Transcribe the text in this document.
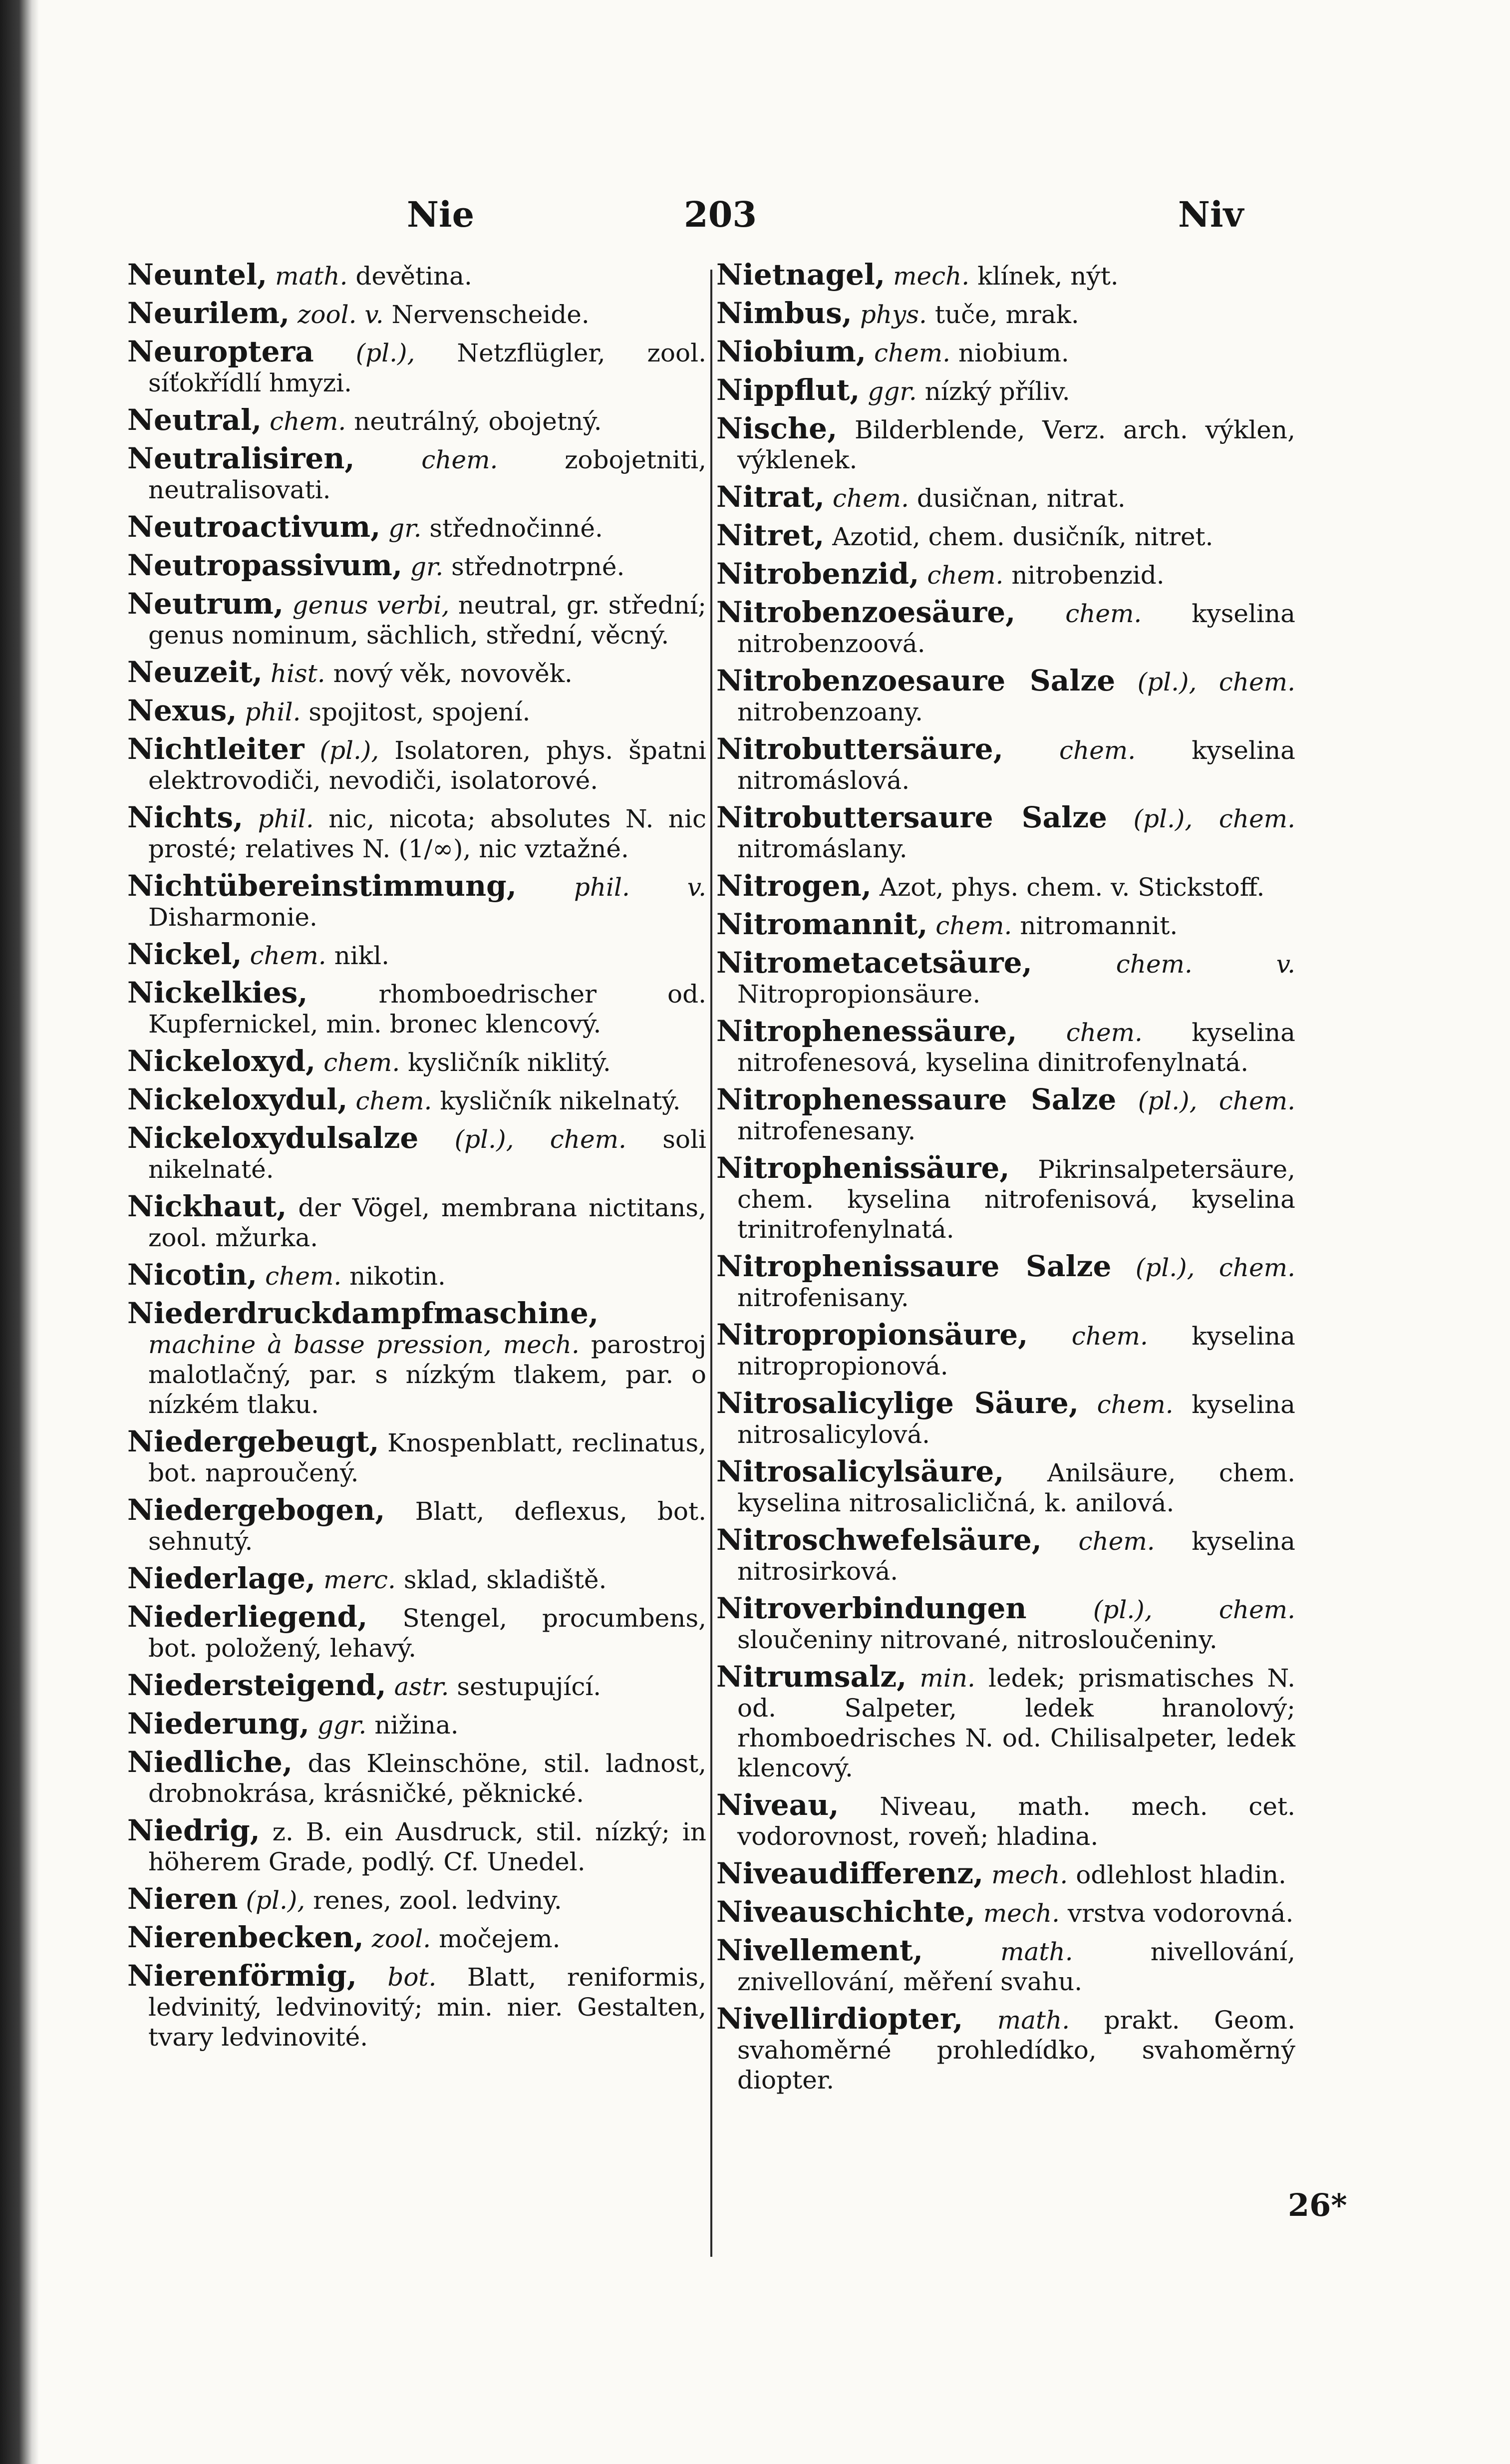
Nie	203	Niv

Neuntel, math. devětina.

Neurilem, zool. v. Nervenscheide.

Neuroptera (pl.), Netzflügler, zool. síťokřídlí hmyzi.

Neutral, chem. neutrálný, obojetný.

Neutralisiren,	chem.	zobojetniti, neutralisovati.

Neutroactivum, gr. střednočinné.

Neutropassivum, gr. střednotrpné.

Neutrum, genus verbi, neutral, gr. střední; genus nominum, sächlich, střední, věcný.

Neuzeit, hist. nový věk, novověk.

Nexus, phil. spojitost, spojení.

Nichtleiter (pl.), Isolatoren, phys. špatni elektrovodiči, nevodiči, isolatorové.

Nichts, phil. nic, nicota; absolutes N. nic prosté; relatives N. (1/∞), nic vztažné.

Nichtübereinstimmung, phil. v. Disharmonie.

Nickel, chem. nikl.

Nickelkies,	rhomboedrischer od. Kupfernickel, min. bronec klencový.

Nickeloxyd, chem. kysličník niklitý.

Nickeloxydul, chem. kysličník nikelnatý.

Nickeloxydulsalze (pl.), chem. soli nikelnaté.

Nickhaut, der Vögel, membrana nictitans, zool. mžurka.

Nicotin, chem. nikotin.

Niederdruckdampfmaschine, machine à basse pression, mech. parostroj malotlačný, par. s nízkým tlakem, par. o nízkém tlaku.

Niedergebeugt, Knospenblatt, reclinatus, bot. naproučený.

Niedergebogen, Blatt, deflexus, bot. sehnutý.

Niederlage, merc. sklad, skladiště.

Niederliegend, Stengel, procumbens, bot. položený, lehavý.

Niedersteigend, astr. sestupující.

Niederung, ggr. nižina.

Niedliche, das Kleinschöne, stil. ladnost, drobnokrása, krásničké, pěknické.

Niedrig, z. B. ein Ausdruck, stil. nízký; in höherem Grade, podlý. Cf. Unedel.

Nieren (pl.), renes, zool. ledviny.

Nierenbecken, zool. močejem.

Nierenförmig, bot. Blatt, reniformis, ledvinitý, ledvinovitý; min. nier. Gestalten, tvary ledvinovité.

Nietnagel, mech. klínek, nýt.

Nimbus, phys. tuče, mrak.

Niobium, chem. niobium.

Nippflut, ggr. nízký příliv.

Nische, Bilderblende, Verz. arch. výklen, výklenek.

Nitrat, chem. dusičnan, nitrat.

Nitret, Azotid, chem. dusičník, nitret.

Nitrobenzid, chem. nitrobenzid.

Nitrobenzoesäure, chem. kyselina nitrobenzoová.

Nitrobenzoesaure Salze (pl.), chem. nitrobenzoany.

Nitrobuttersäure, chem. kyselina nitromáslová.

Nitrobuttersaure Salze (pl.), chem. nitromáslany.

Nitrogen, Azot, phys. chem. v. Stickstoff.

Nitromannit, chem. nitromannit.

Nitrometacetsäure,	chem. v. Nitropropionsäure.

Nitrophenessäure, chem. kyselina nitrofenesová, kyselina dinitrofenylnatá.

Nitrophenessaure Salze (pl.), chem. nitrofenesany.

Nitrophenissäure, Pikrinsalpetersäure, chem. kyselina nitrofenisová, kyselina trinitrofenylnatá.

Nitrophenissaure Salze (pl.), chem. nitrofenisany.

Nitropropionsäure, chem. kyselina nitropropionová.

Nitrosalicylige Säure, chem. kyselina nitrosalicylová.

Nitrosalicylsäure, Anilsäure, chem. kyselina nitrosalicličná, k. anilová.

Nitroschwefelsäure, chem. kyselina nitrosirková.

Nitroverbindungen	(pl.), chem. sloučeniny nitrované, nitrosloučeniny.

Nitrumsalz, min. ledek; prismatisches N. od. Salpeter, ledek hranolový; rhomboedrisches N. od. Chilisalpeter, ledek klencový.

Niveau, Niveau, math. mech. cet. vodorovnost, roveň; hladina.

Niveaudifferenz, mech. odlehlost hladin.

Niveauschichte, mech. vrstva vodorovná.

Nivellement,	math.	nivellování, znivellování, měření svahu.

Nivellirdiopter, math. prakt. Geom. svahoměrné prohledídko, svahoměrný diopter.

26*
